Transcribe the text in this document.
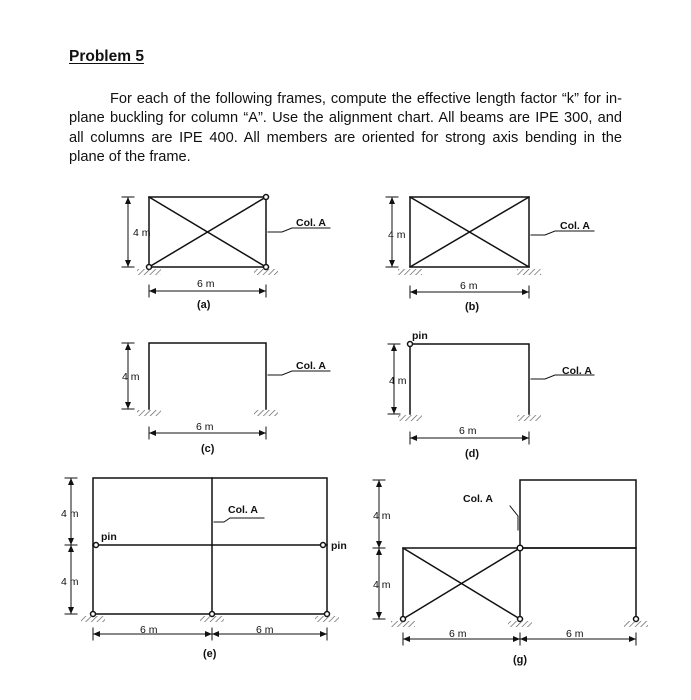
Problem 5
For each of the following frames, compute the effective length factor “k” for in-plane buckling for column “A”. Use the alignment chart. All beams are IPE 300, and all columns are IPE 400. All members are oriented for strong axis bending in the plane of the frame.
4 m
6 m
(a)
Col. A
4 m
6 m
(b)
Col. A
4 m
6 m
(c)
Col. A
pin
4 m
6 m
(d)
Col. A
4 m
4 m
pin
pin
Col. A
6 m	6 m
(e)
4 m
4 m
Col. A
6 m	6 m
(g)
